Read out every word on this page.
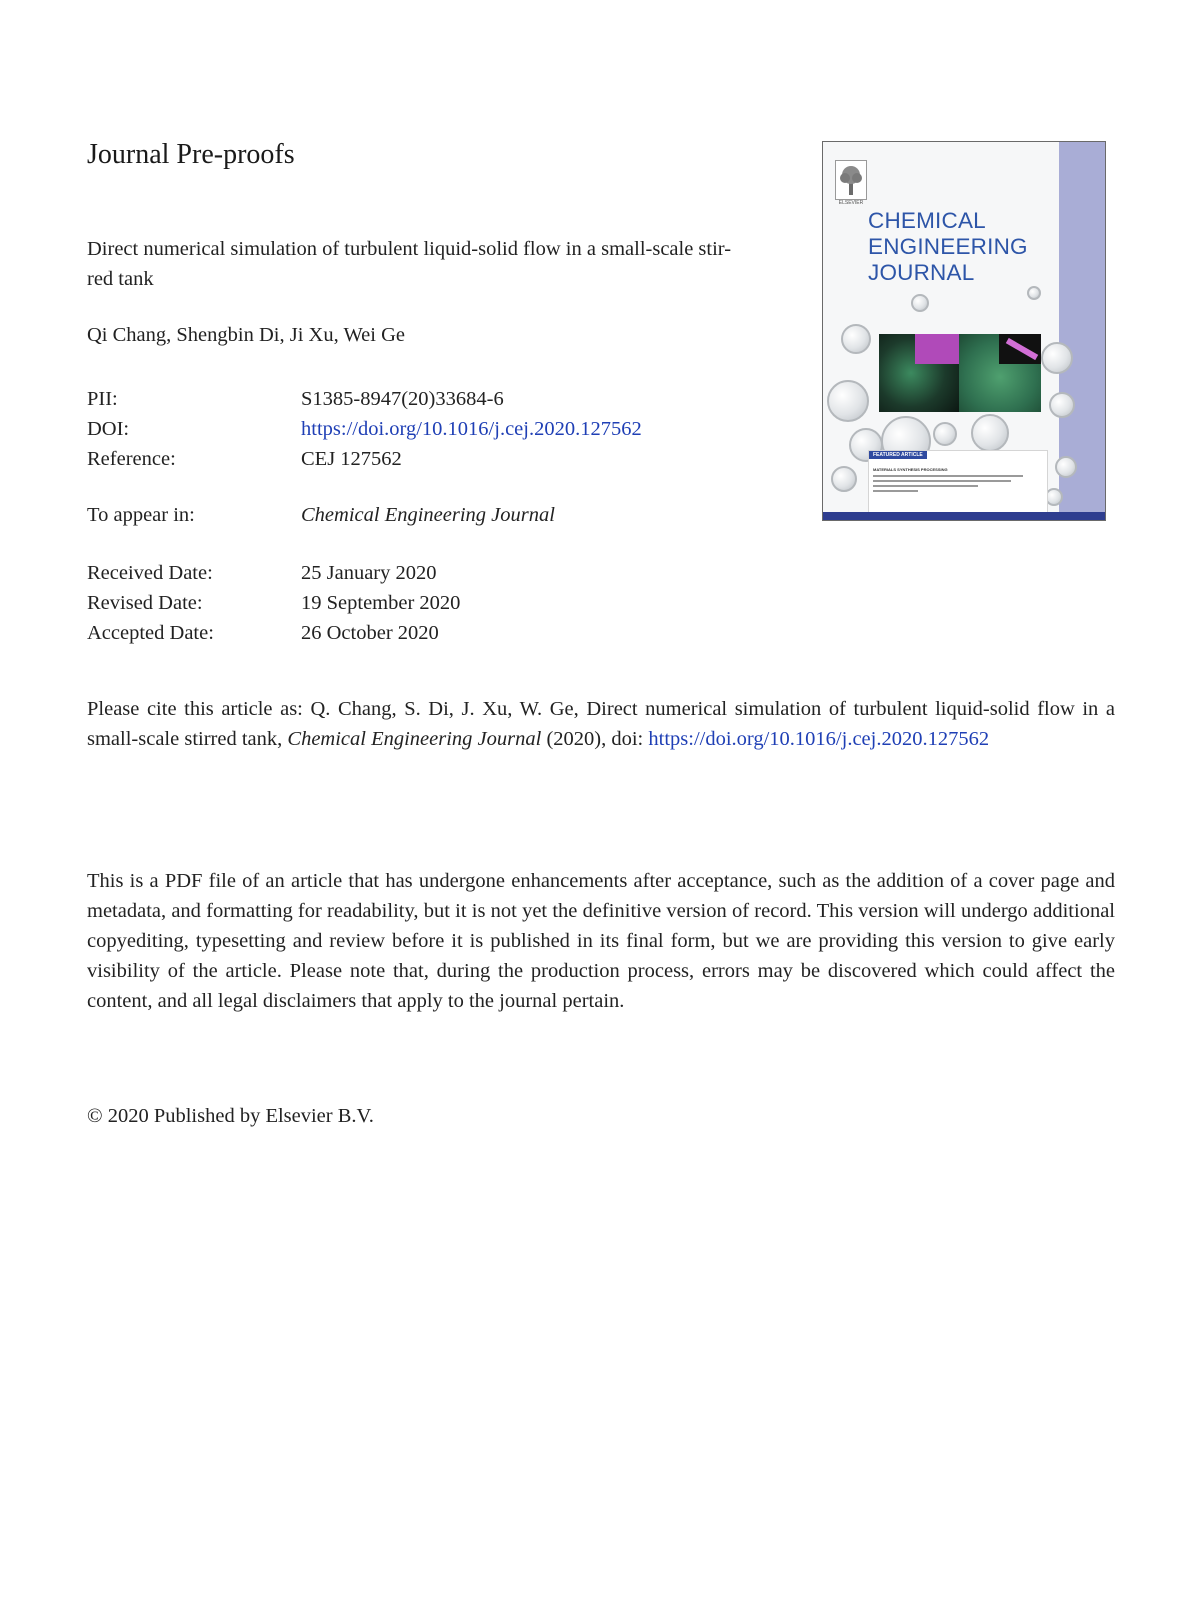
Journal Pre-proofs
Direct numerical simulation of turbulent liquid-solid flow in a small-scale stir-
red tank
Qi Chang, Shengbin Di, Ji Xu, Wei Ge
PII:	S1385-8947(20)33684-6
DOI:	https://doi.org/10.1016/j.cej.2020.127562
Reference:	CEJ 127562
To appear in:	Chemical Engineering Journal
Received Date:	25 January 2020
Revised Date:	19 September 2020
Accepted Date:	26 October 2020
Please cite this article as: Q. Chang, S. Di, J. Xu, W. Ge, Direct numerical simulation of turbulent liquid-solid flow in a small-scale stirred tank, Chemical Engineering Journal (2020), doi: https://doi.org/10.1016/j.cej.2020.127562
This is a PDF file of an article that has undergone enhancements after acceptance, such as the addition of a cover page and metadata, and formatting for readability, but it is not yet the definitive version of record. This version will undergo additional copyediting, typesetting and review before it is published in its final form, but we are providing this version to give early visibility of the article. Please note that, during the production process, errors may be discovered which could affect the content, and all legal disclaimers that apply to the journal pertain.
© 2020 Published by Elsevier B.V.
ELSEVIER
CHEMICAL
ENGINEERING
JOURNAL
FEATURED ARTICLE
MATERIALS SYNTHESIS PROCESSING
